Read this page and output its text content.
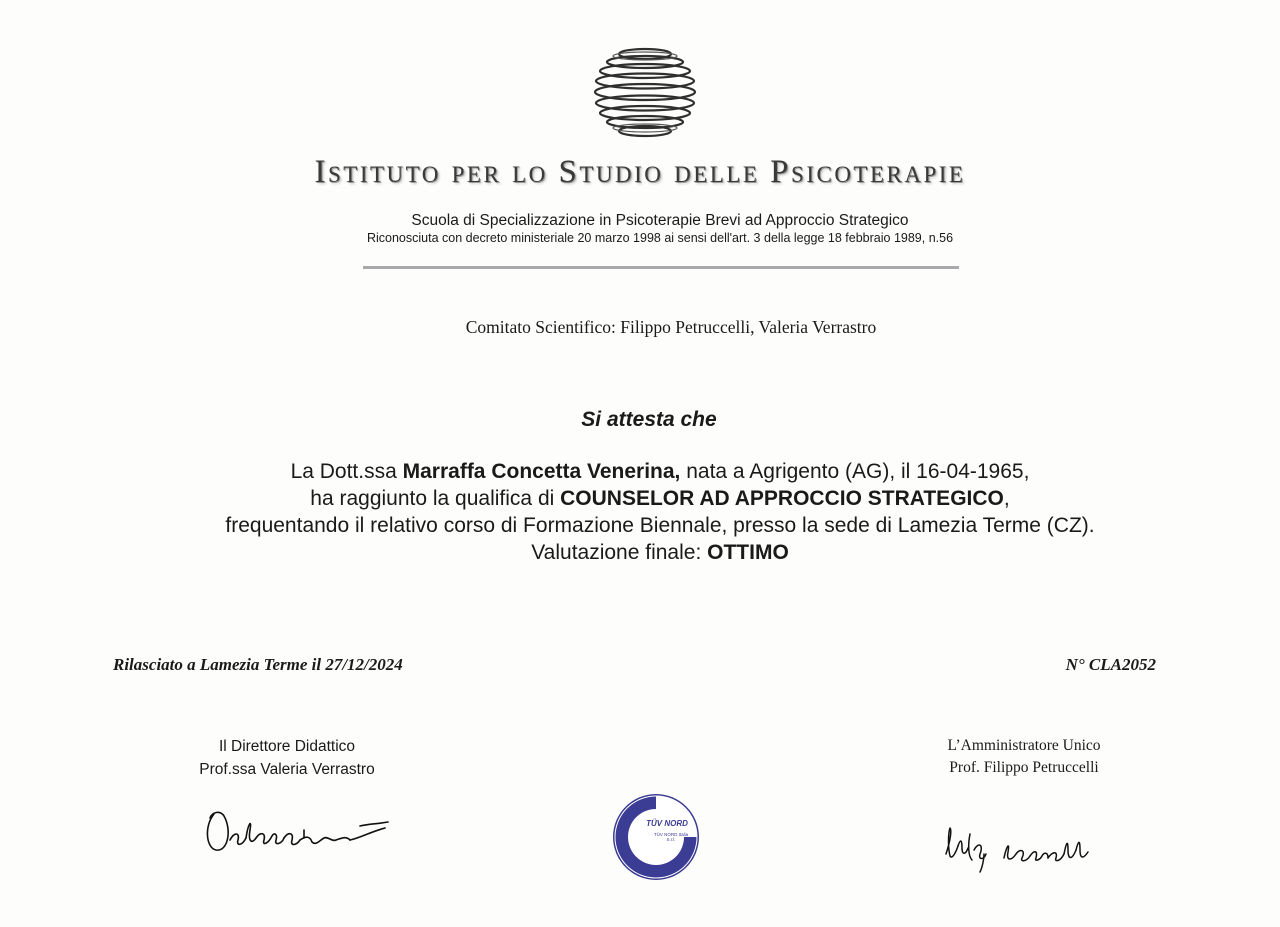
Istituto per lo Studio delle Psicoterapie
Scuola di Specializzazione in Psicoterapie Brevi ad Approccio Strategico
Riconosciuta con decreto ministeriale 20 marzo 1998 ai sensi dell'art. 3 della legge 18 febbraio 1989, n.56
Comitato Scientifico: Filippo Petruccelli, Valeria Verrastro
Si attesta che
La Dott.ssa Marraffa Concetta Venerina, nata a Agrigento (AG), il 16-04-1965,
ha raggiunto la qualifica di COUNSELOR AD APPROCCIO STRATEGICO,
frequentando il relativo corso di Formazione Biennale, presso la sede di Lamezia Terme (CZ).
Valutazione finale: OTTIMO
Rilasciato a Lamezia Terme il 27/12/2024	N° CLA2052
Il Direttore Didattico
Prof.ssa Valeria Verrastro
L’Amministratore Unico
Prof. Filippo Petruccelli
TÜV NORD
TÜV NORD Italia
S.r.l.
ISO 9001
